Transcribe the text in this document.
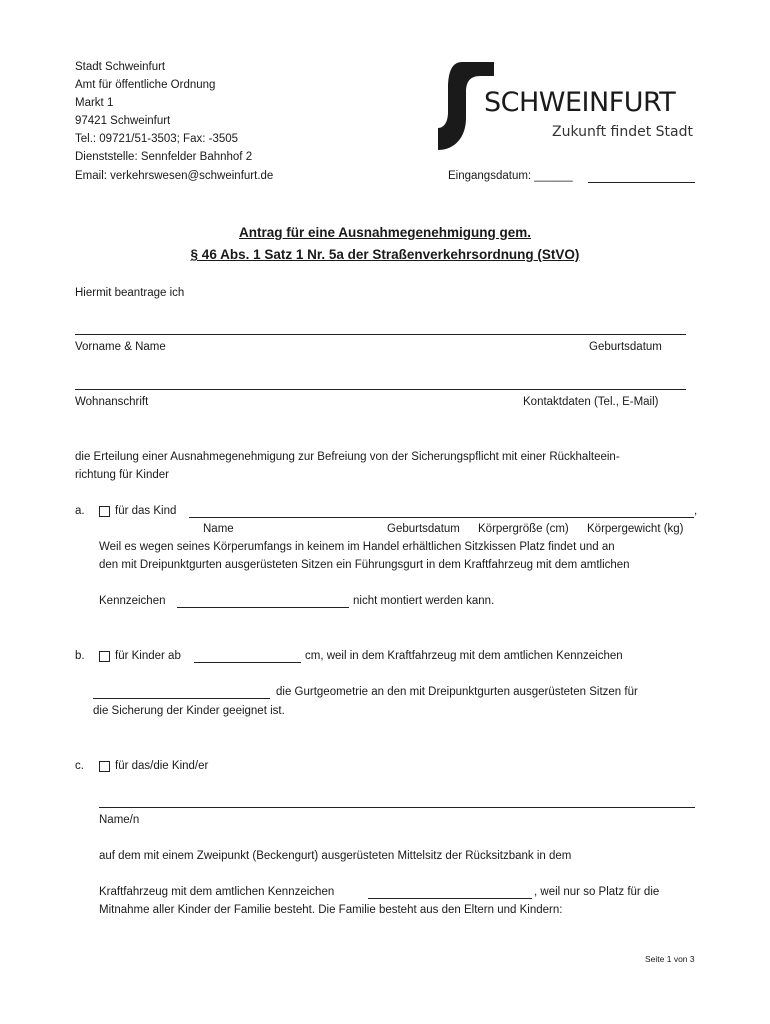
Stadt Schweinfurt
Amt für öffentliche Ordnung
Markt 1
97421 Schweinfurt
Tel.: 09721/51-3503; Fax: -3505
Dienststelle: Sennfelder Bahnhof 2
Email: verkehrswesen@schweinfurt.de
SCHWEINFURT
Zukunft findet Stadt
Eingangsdatum: ______
Antrag für eine Ausnahmegenehmigung gem.
§ 46 Abs. 1 Satz 1 Nr. 5a der Straßenverkehrsordnung (StVO)
Hiermit beantrage ich
Vorname & Name	Geburtsdatum
Wohnanschrift	Kontaktdaten (Tel., E-Mail)
die Erteilung einer Ausnahmegenehmigung zur Befreiung von der Sicherungspflicht mit einer Rückhalteein-
richtung für Kinder
a.	für das Kind	,
Name	Geburtsdatum Körpergröße (cm) Körpergewicht (kg)
Weil es wegen seines Körperumfangs in keinem im Handel erhältlichen Sitzkissen Platz findet und an
den mit Dreipunktgurten ausgerüsteten Sitzen ein Führungsgurt in dem Kraftfahrzeug mit dem amtlichen
Kennzeichen	nicht montiert werden kann.
b.	für Kinder ab	cm, weil in dem Kraftfahrzeug mit dem amtlichen Kennzeichen
die Gurtgeometrie an den mit Dreipunktgurten ausgerüsteten Sitzen für
die Sicherung der Kinder geeignet ist.
c.	für das/die Kind/er
Name/n
auf dem mit einem Zweipunkt (Beckengurt) ausgerüsteten Mittelsitz der Rücksitzbank in dem
Kraftfahrzeug mit dem amtlichen Kennzeichen	, weil nur so Platz für die
Mitnahme aller Kinder der Familie besteht. Die Familie besteht aus den Eltern und Kindern:
Seite 1 von 3
